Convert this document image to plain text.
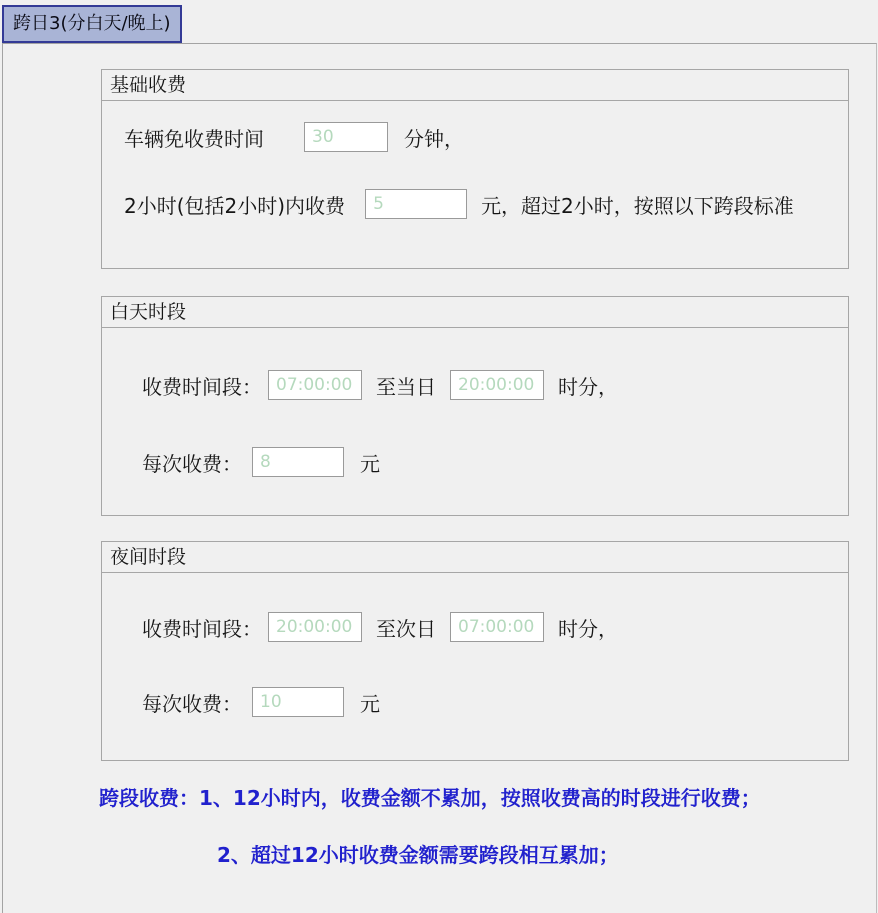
跨日3(分白天/晚上)
基础收费
车辆免收费时间
30	分钟，
2小时(包括2小时)内收费
5	元，超过2小时，按照以下跨段标准
白天时段
收费时间段：
07:00:00	至当日
20:00:00	时分，
每次收费：
8	元
夜间时段
收费时间段：
20:00:00	至次日
07:00:00	时分，
每次收费：
10	元
跨段收费：1、12小时内，收费金额不累加，按照收费高的时段进行收费；
2、超过12小时收费金额需要跨段相互累加；
